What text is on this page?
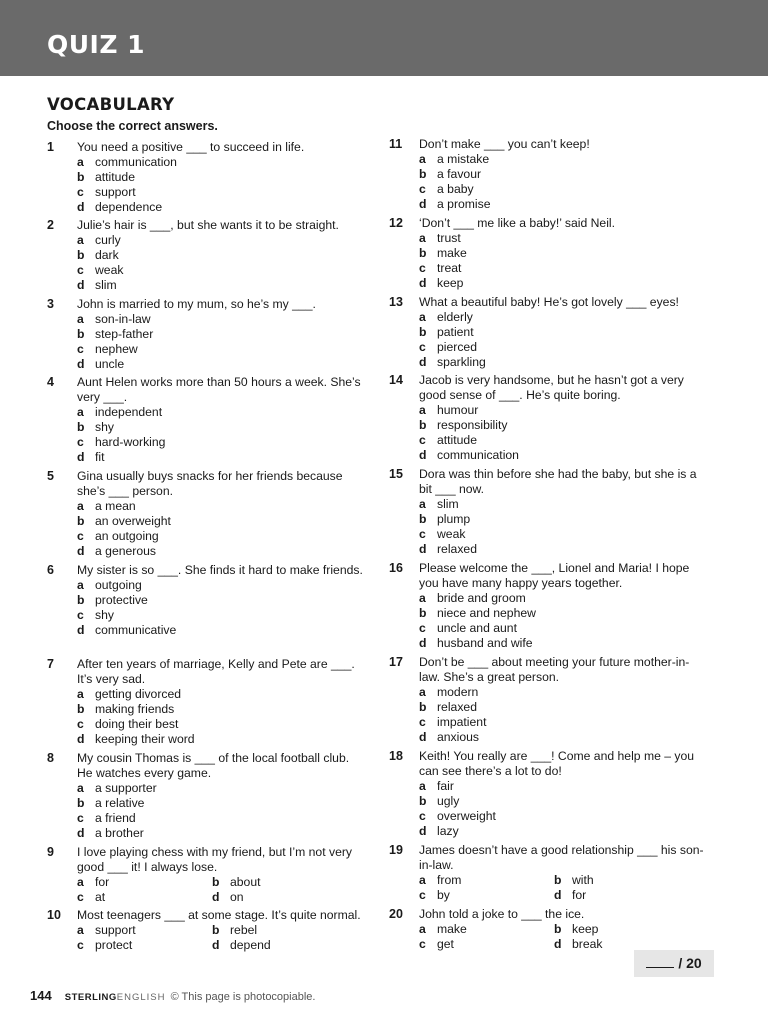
QUIZ 1
VOCABULARY
Choose the correct answers.
1 You need a positive ___ to succeed in life.
a communication
b attitude
c support
d dependence
2 Julie’s hair is ___, but she wants it to be straight.
a curly
b dark
c weak
d slim
3 John is married to my mum, so he’s my ___.
a son-in-law
b step-father
c nephew
d uncle
4 Aunt Helen works more than 50 hours a week. She’s very ___.
a independent
b shy
c hard-working
d fit
5 Gina usually buys snacks for her friends because she’s ___ person.
a a mean
b an overweight
c an outgoing
d a generous
6 My sister is so ___. She finds it hard to make friends.
a outgoing
b protective
c shy
d communicative
7 After ten years of marriage, Kelly and Pete are ___. It’s very sad.
a getting divorced
b making friends
c doing their best
d keeping their word
8 My cousin Thomas is ___ of the local football club. He watches every game.
a a supporter
b a relative
c a friend
d a brother
9 I love playing chess with my friend, but I’m not very good ___ it! I always lose.
a for	b about
c at	d on
10 Most teenagers ___ at some stage. It’s quite normal.
a support	b rebel
c protect	d depend
11 Don’t make ___ you can’t keep!
a a mistake
b a favour
c a baby
d a promise
12 ‘Don’t ___ me like a baby!’ said Neil.
a trust
b make
c treat
d keep
13 What a beautiful baby! He’s got lovely ___ eyes!
a elderly
b patient
c pierced
d sparkling
14 Jacob is very handsome, but he hasn’t got a very good sense of ___. He’s quite boring.
a humour
b responsibility
c attitude
d communication
15 Dora was thin before she had the baby, but she is a bit ___ now.
a slim
b plump
c weak
d relaxed
16 Please welcome the ___, Lionel and Maria! I hope you have many happy years together.
a bride and groom
b niece and nephew
c uncle and aunt
d husband and wife
17 Don’t be ___ about meeting your future mother-in-law. She’s a great person.
a modern
b relaxed
c impatient
d anxious
18 Keith! You really are ___! Come and help me – you can see there’s a lot to do!
a fair
b ugly
c overweight
d lazy
19 James doesn’t have a good relationship ___ his son-in-law.
a from	b with
c by	d for
20 John told a joke to ___ the ice.
a make	b keep
c get	d break
/ 20
144 STERLINGENGLISH © This page is photocopiable.
